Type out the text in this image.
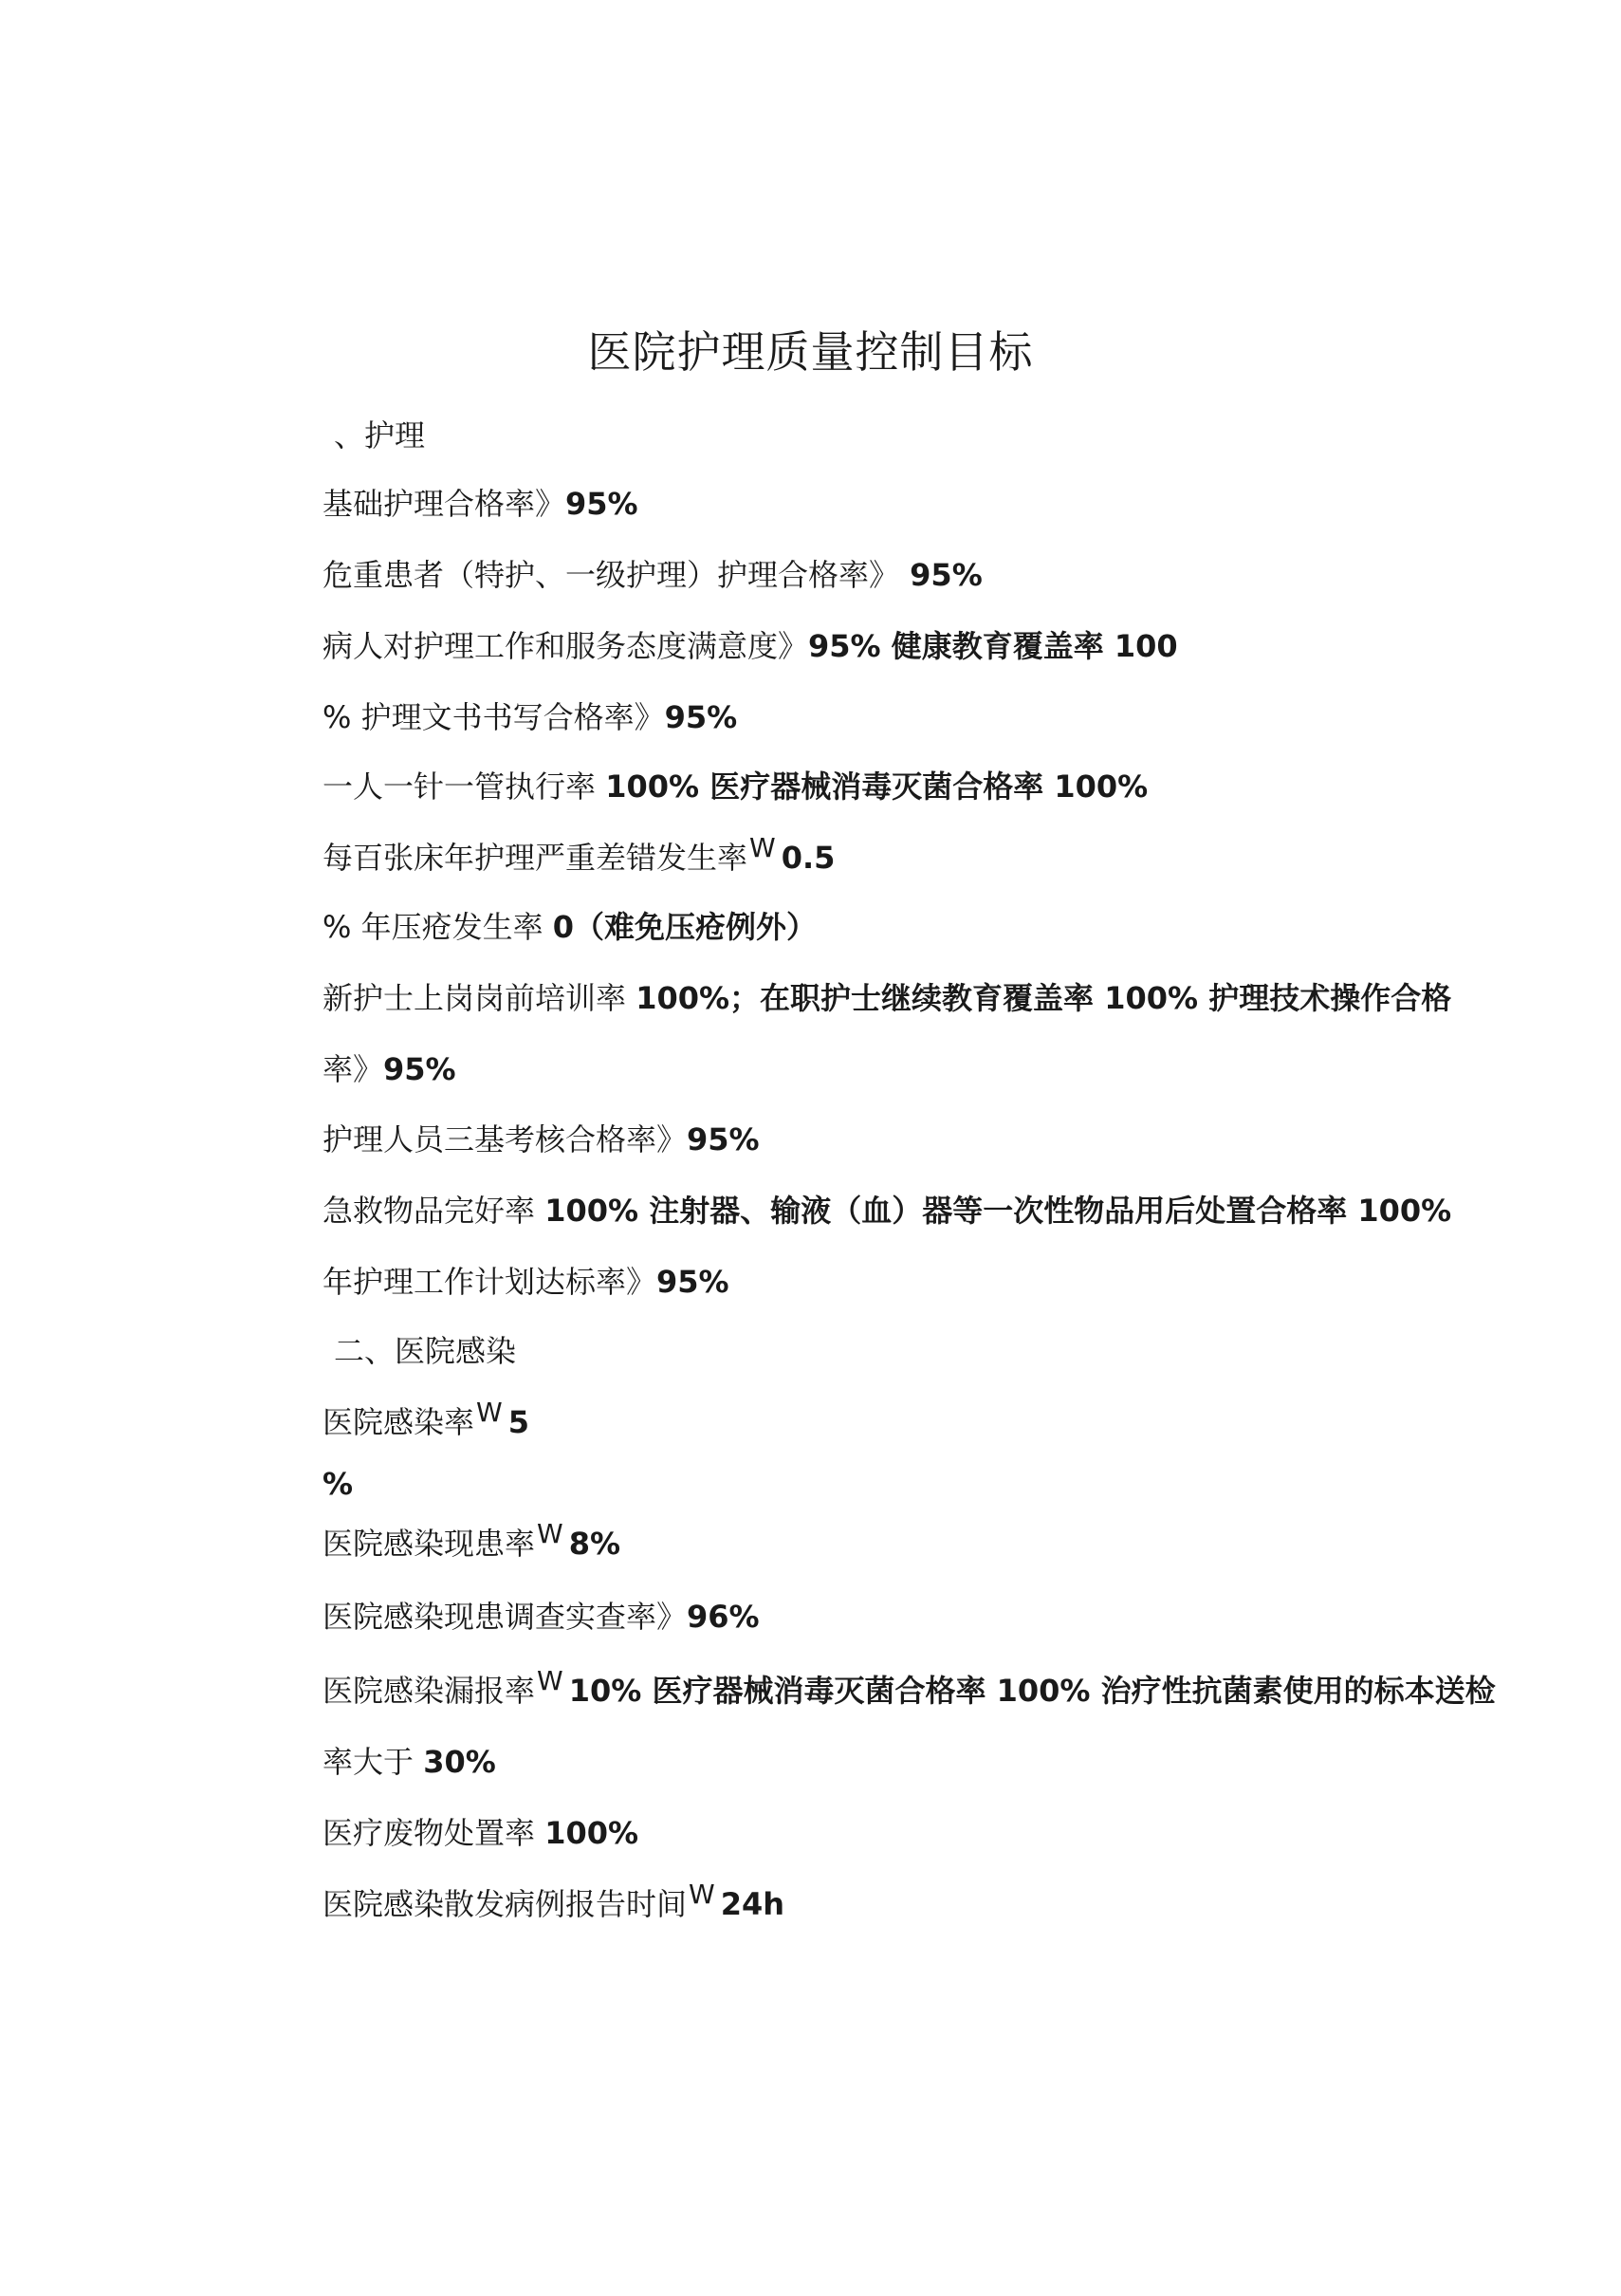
医院护理质量控制目标
、护理
基础护理合格率》95%
危重患者（特护、一级护理）护理合格率》 95%
病人对护理工作和服务态度满意度》95% 健康教育覆盖率 100
% 护理文书书写合格率》95%
一人一针一管执行率 100% 医疗器械消毒灭菌合格率 100%
每百张床年护理严重差错发生率W 0.5
% 年压疮发生率 0（难免压疮例外）
新护士上岗岗前培训率 100%；在职护士继续教育覆盖率 100% 护理技术操作合格
率》95%
护理人员三基考核合格率》95%
急救物品完好率 100% 注射器、输液（血）器等一次性物品用后处置合格率 100%
年护理工作计划达标率》95%
二、医院感染
医院感染率W 5
%
医院感染现患率W 8%
医院感染现患调查实查率》96%
医院感染漏报率W 10% 医疗器械消毒灭菌合格率 100% 治疗性抗菌素使用的标本送检
率大于 30%
医疗废物处置率 100%
医院感染散发病例报告时间W 24h
